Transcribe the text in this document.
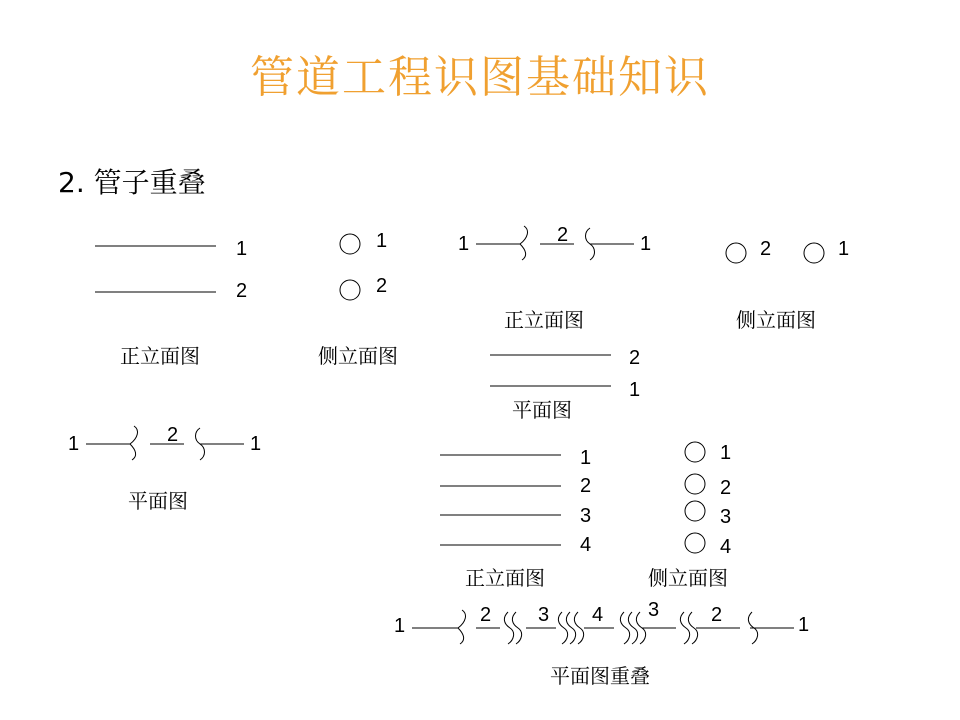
管道工程识图基础知识
2. 管子重叠
1
2
正立面图
1
2
侧立面图
1	2	1
平面图
1	2	1
正立面图
2	1
侧立面图
2
1
平面图
1
2
3
4
正立面图
1
2
3
4
侧立面图
1	2 3 4 3	2	1
平面图重叠
